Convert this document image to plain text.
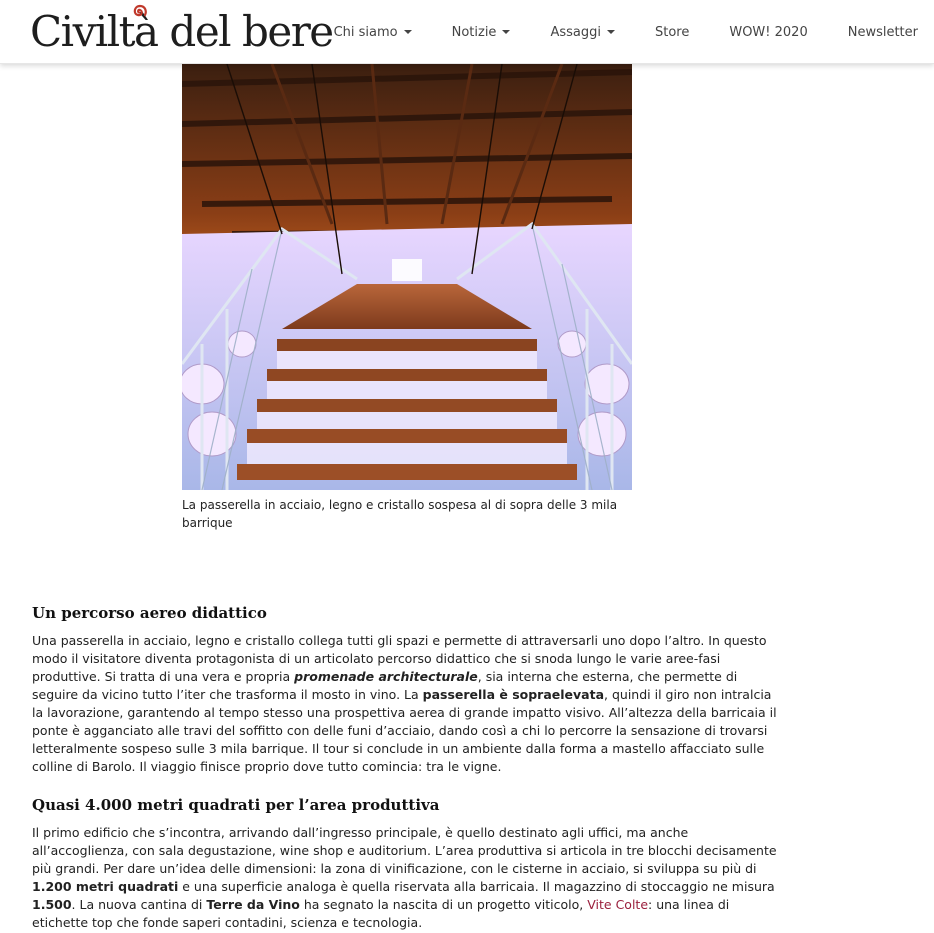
Civiltà del bere Chi siamo	Notizie	Assaggi	Store	WOW! 2020	Newsletter
La passerella in acciaio, legno e cristallo sospesa al di sopra delle 3 mila barrique
Un percorso aereo didattico

Una passerella in acciaio, legno e cristallo collega tutti gli spazi e permette di attraversarli uno dopo l’altro. In questo modo il visitatore diventa protagonista di un articolato percorso didattico che si snoda lungo le varie aree-fasi produttive. Si tratta di una vera e propria promenade architecturale, sia interna che esterna, che permette di seguire da vicino tutto l’iter che trasforma il mosto in vino. La passerella è sopraelevata, quindi il giro non intralcia la lavorazione, garantendo al tempo stesso una prospettiva aerea di grande impatto visivo. All’altezza della barricaia il ponte è agganciato alle travi del soffitto con delle funi d’acciaio, dando così a chi lo percorre la sensazione di trovarsi letteralmente sospeso sulle 3 mila barrique. Il tour si conclude in un ambiente dalla forma a mastello affacciato sulle colline di Barolo. Il viaggio finisce proprio dove tutto comincia: tra le vigne.

Quasi 4.000 metri quadrati per l’area produttiva

Il primo edificio che s’incontra, arrivando dall’ingresso principale, è quello destinato agli uffici, ma anche all’accoglienza, con sala degustazione, wine shop e auditorium. L’area produttiva si articola in tre blocchi decisamente più grandi. Per dare un’idea delle dimensioni: la zona di vinificazione, con le cisterne in acciaio, si sviluppa su più di 1.200 metri quadrati e una superficie analoga è quella riservata alla barricaia. Il magazzino di stoccaggio ne misura 1.500. La nuova cantina di Terre da Vino ha segnato la nascita di un progetto viticolo, Vite Colte: una linea di etichette top che fonde saperi contadini, scienza e tecnologia.
